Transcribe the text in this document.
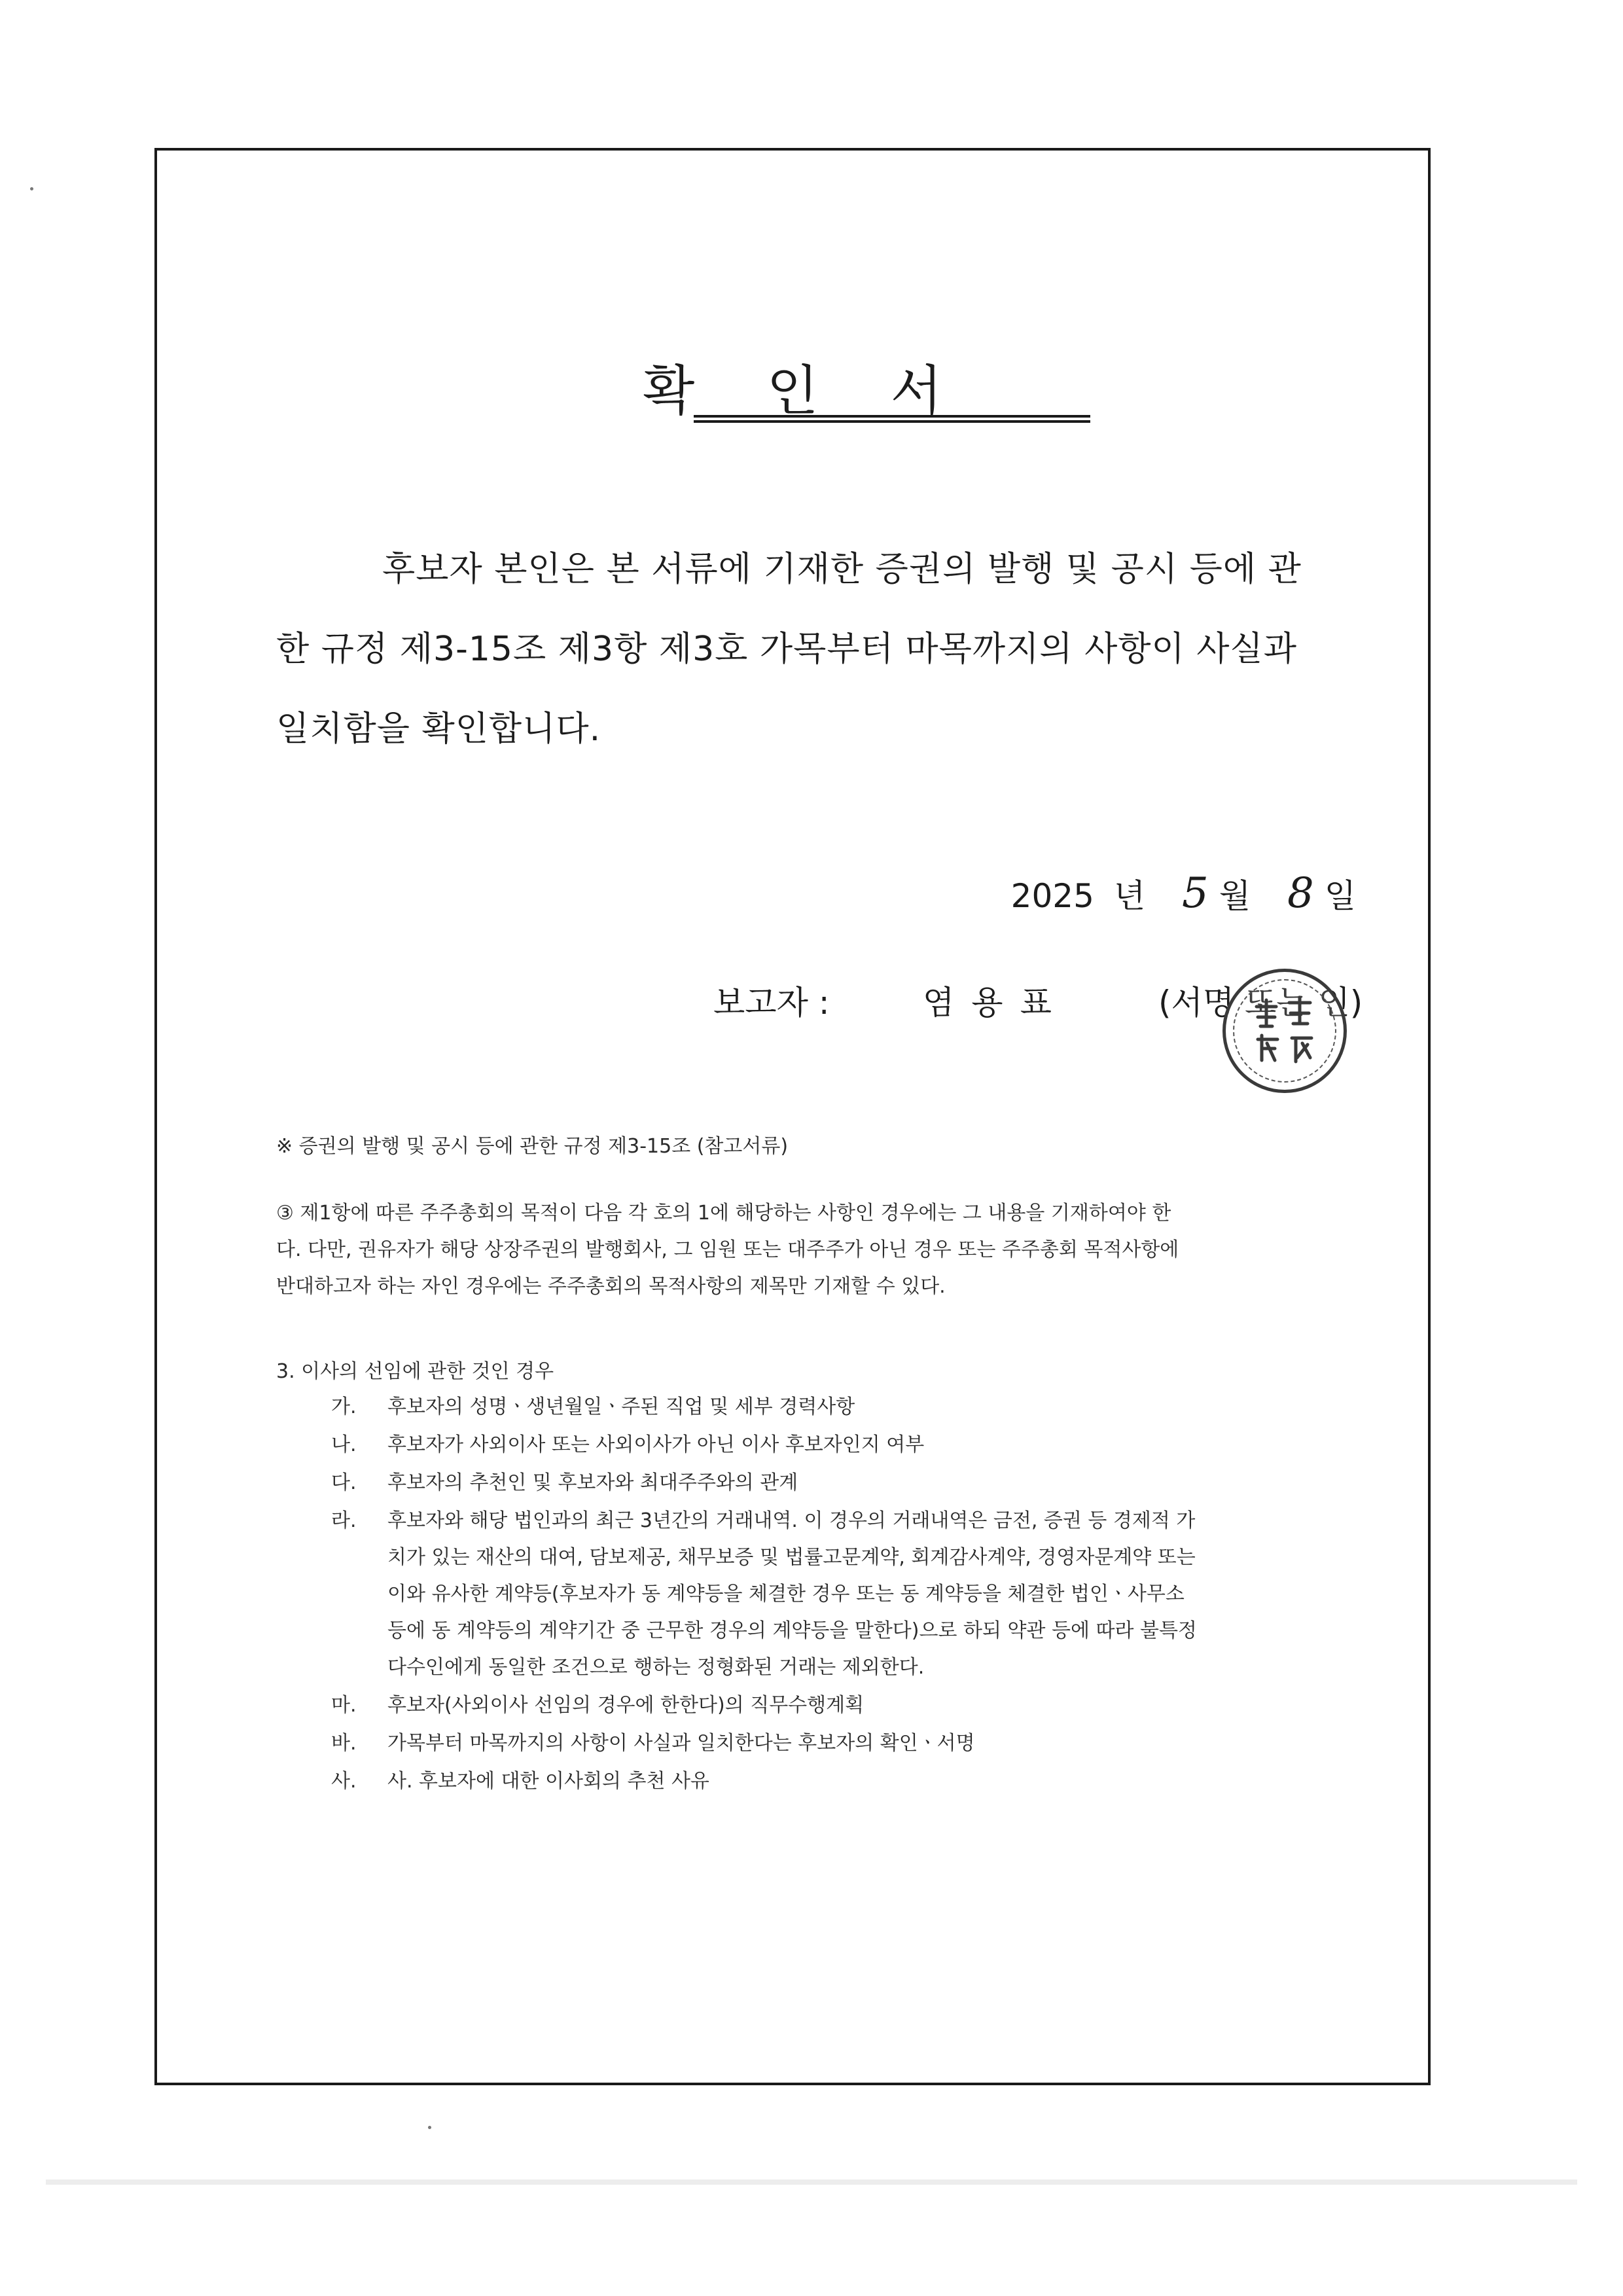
확 인 서
후보자 본인은 본 서류에 기재한 증권의 발행 및 공시 등에 관
한 규정 제3-15조 제3항 제3호 가목부터 마목까지의 사항이 사실과
일치함을 확인합니다.
2025 년 5 월 8 일
보고자 :	염용표	(서명 또는 인)
※ 증권의 발행 및 공시 등에 관한 규정 제3-15조 (참고서류)
③ 제1항에 따른 주주총회의 목적이 다음 각 호의 1에 해당하는 사항인 경우에는 그 내용을 기재하여야 한
다. 다만, 권유자가 해당 상장주권의 발행회사, 그 임원 또는 대주주가 아닌 경우 또는 주주총회 목적사항에
반대하고자 하는 자인 경우에는 주주총회의 목적사항의 제목만 기재할 수 있다.
3. 이사의 선임에 관한 것인 경우
가. 후보자의 성명ㆍ생년월일ㆍ주된 직업 및 세부 경력사항
나. 후보자가 사외이사 또는 사외이사가 아닌 이사 후보자인지 여부
다. 후보자의 추천인 및 후보자와 최대주주와의 관계
라. 후보자와 해당 법인과의 최근 3년간의 거래내역. 이 경우의 거래내역은 금전, 증권 등 경제적 가
치가 있는 재산의 대여, 담보제공, 채무보증 및 법률고문계약, 회계감사계약, 경영자문계약 또는
이와 유사한 계약등(후보자가 동 계약등을 체결한 경우 또는 동 계약등을 체결한 법인ㆍ사무소
등에 동 계약등의 계약기간 중 근무한 경우의 계약등을 말한다)으로 하되 약관 등에 따라 불특정
다수인에게 동일한 조건으로 행하는 정형화된 거래는 제외한다.
마. 후보자(사외이사 선임의 경우에 한한다)의 직무수행계획
바. 가목부터 마목까지의 사항이 사실과 일치한다는 후보자의 확인ㆍ서명
사. 사. 후보자에 대한 이사회의 추천 사유
